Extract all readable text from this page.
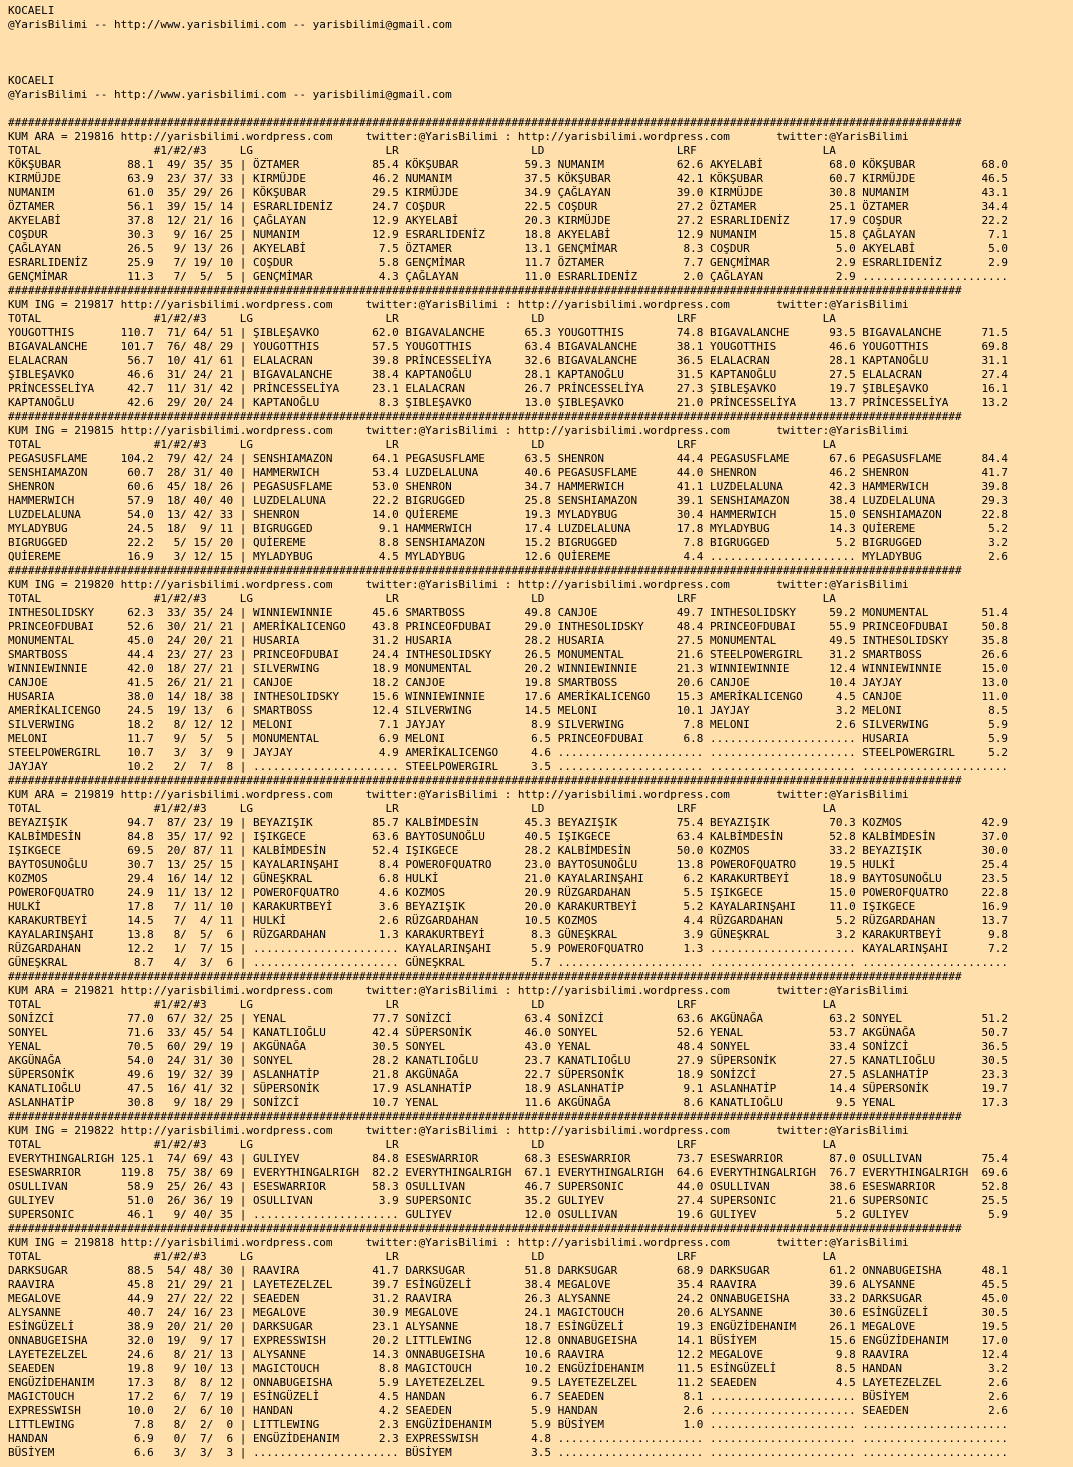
KOCAELI
@YarisBilimi -- http://www.yarisbilimi.com -- yarisbilimi@gmail.com

KOCAELI
@YarisBilimi -- http://www.yarisbilimi.com -- yarisbilimi@gmail.com

################################################################################################################################################
KUM ARA = 219816 http://yarisbilimi.wordpress.com     twitter:@YarisBilimi : http://yarisbilimi.wordpress.com       twitter:@YarisBilimi
TOTAL                 #1/#2/#3     LG                    LR                    LD                    LRF                   LA
KÖKŞUBAR          88.1  49/ 35/ 35 | ÖZTAMER           85.4 KÖKŞUBAR          59.3 NUMANIM           62.6 AKYELABİ          68.0 KÖKŞUBAR          68.0
KIRMÜJDE          63.9  23/ 37/ 33 | KIRMÜJDE          46.2 NUMANIM           37.5 KÖKŞUBAR          42.1 KÖKŞUBAR          60.7 KIRMÜJDE          46.5
NUMANIM           61.0  35/ 29/ 26 | KÖKŞUBAR          29.5 KIRMÜJDE          34.9 ÇAĞLAYAN          39.0 KIRMÜJDE          30.8 NUMANIM           43.1
ÖZTAMER           56.1  39/ 15/ 14 | ESRARLIDENİZ      24.7 COŞDUR            22.5 COŞDUR            27.2 ÖZTAMER           25.1 ÖZTAMER           34.4
AKYELABİ          37.8  12/ 21/ 16 | ÇAĞLAYAN          12.9 AKYELABİ          20.3 KIRMÜJDE          27.2 ESRARLIDENİZ      17.9 COŞDUR            22.2
COŞDUR            30.3   9/ 16/ 25 | NUMANIM           12.9 ESRARLIDENİZ      18.8 AKYELABİ          12.9 NUMANIM           15.8 ÇAĞLAYAN           7.1
ÇAĞLAYAN          26.5   9/ 13/ 26 | AKYELABİ           7.5 ÖZTAMER           13.1 GENÇMİMAR          8.3 COŞDUR             5.0 AKYELABİ           5.0
ESRARLIDENİZ      25.9   7/ 19/ 10 | COŞDUR             5.8 GENÇMİMAR         11.7 ÖZTAMER            7.7 GENÇMİMAR          2.9 ESRARLIDENİZ       2.9
GENÇMİMAR         11.3   7/  5/  5 | GENÇMİMAR          4.3 ÇAĞLAYAN          11.0 ESRARLIDENİZ       2.0 ÇAĞLAYAN           2.9 ......................
################################################################################################################################################
KUM ING = 219817 http://yarisbilimi.wordpress.com     twitter:@YarisBilimi : http://yarisbilimi.wordpress.com       twitter:@YarisBilimi
TOTAL                 #1/#2/#3     LG                    LR                    LD                    LRF                   LA
YOUGOTTHIS       110.7  71/ 64/ 51 | ŞIBLEŞAVKO        62.0 BIGAVALANCHE      65.3 YOUGOTTHIS        74.8 BIGAVALANCHE      93.5 BIGAVALANCHE      71.5
BIGAVALANCHE     101.7  76/ 48/ 29 | YOUGOTTHIS        57.5 YOUGOTTHIS        63.4 BIGAVALANCHE      38.1 YOUGOTTHIS        46.6 YOUGOTTHIS        69.8
ELALACRAN         56.7  10/ 41/ 61 | ELALACRAN         39.8 PRİNCESSELİYA     32.6 BIGAVALANCHE      36.5 ELALACRAN         28.1 KAPTANOĞLU        31.1
ŞIBLEŞAVKO        46.6  31/ 24/ 21 | BIGAVALANCHE      38.4 KAPTANOĞLU        28.1 KAPTANOĞLU        31.5 KAPTANOĞLU        27.5 ELALACRAN         27.4
PRİNCESSELİYA     42.7  11/ 31/ 42 | PRİNCESSELİYA     23.1 ELALACRAN         26.7 PRİNCESSELİYA     27.3 ŞIBLEŞAVKO        19.7 ŞIBLEŞAVKO        16.1
KAPTANOĞLU        42.6  29/ 20/ 24 | KAPTANOĞLU         8.3 ŞIBLEŞAVKO        13.0 ŞIBLEŞAVKO        21.0 PRİNCESSELİYA     13.7 PRİNCESSELİYA     13.2
################################################################################################################################################
KUM ING = 219815 http://yarisbilimi.wordpress.com     twitter:@YarisBilimi : http://yarisbilimi.wordpress.com       twitter:@YarisBilimi
TOTAL                 #1/#2/#3     LG                    LR                    LD                    LRF                   LA
PEGASUSFLAME     104.2  79/ 42/ 24 | SENSHIAMAZON      64.1 PEGASUSFLAME      63.5 SHENRON           44.4 PEGASUSFLAME      67.6 PEGASUSFLAME      84.4
SENSHIAMAZON      60.7  28/ 31/ 40 | HAMMERWICH        53.4 LUZDELALUNA       40.6 PEGASUSFLAME      44.0 SHENRON           46.2 SHENRON           41.7
SHENRON           60.6  45/ 18/ 26 | PEGASUSFLAME      53.0 SHENRON           34.7 HAMMERWICH        41.1 LUZDELALUNA       42.3 HAMMERWICH        39.8
HAMMERWICH        57.9  18/ 40/ 40 | LUZDELALUNA       22.2 BIGRUGGED         25.8 SENSHIAMAZON      39.1 SENSHIAMAZON      38.4 LUZDELALUNA       29.3
LUZDELALUNA       54.0  13/ 42/ 33 | SHENRON           14.0 QUİEREME          19.3 MYLADYBUG         30.4 HAMMERWICH        15.0 SENSHIAMAZON      22.8
MYLADYBUG         24.5  18/  9/ 11 | BIGRUGGED          9.1 HAMMERWICH        17.4 LUZDELALUNA       17.8 MYLADYBUG         14.3 QUİEREME           5.2
BIGRUGGED         22.2   5/ 15/ 20 | QUİEREME           8.8 SENSHIAMAZON      15.2 BIGRUGGED          7.8 BIGRUGGED          5.2 BIGRUGGED          3.2
QUİEREME          16.9   3/ 12/ 15 | MYLADYBUG          4.5 MYLADYBUG         12.6 QUİEREME           4.4 ...................... MYLADYBUG          2.6
################################################################################################################################################
KUM ING = 219820 http://yarisbilimi.wordpress.com     twitter:@YarisBilimi : http://yarisbilimi.wordpress.com       twitter:@YarisBilimi
TOTAL                 #1/#2/#3     LG                    LR                    LD                    LRF                   LA
INTHESOLIDSKY     62.3  33/ 35/ 24 | WINNIEWINNIE      45.6 SMARTBOSS         49.8 CANJOE            49.7 INTHESOLIDSKY     59.2 MONUMENTAL        51.4
PRINCEOFDUBAI     52.6  30/ 21/ 21 | AMERİKALICENGO    43.8 PRINCEOFDUBAI     29.0 INTHESOLIDSKY     48.4 PRINCEOFDUBAI     55.9 PRINCEOFDUBAI     50.8
MONUMENTAL        45.0  24/ 20/ 21 | HUSARIA           31.2 HUSARIA           28.2 HUSARIA           27.5 MONUMENTAL        49.5 INTHESOLIDSKY     35.8
SMARTBOSS         44.4  23/ 27/ 23 | PRINCEOFDUBAI     24.4 INTHESOLIDSKY     26.5 MONUMENTAL        21.6 STEELPOWERGIRL    31.2 SMARTBOSS         26.6
WINNIEWINNIE      42.0  18/ 27/ 21 | SILVERWING        18.9 MONUMENTAL        20.2 WINNIEWINNIE      21.3 WINNIEWINNIE      12.4 WINNIEWINNIE      15.0
CANJOE            41.5  26/ 21/ 21 | CANJOE            18.2 CANJOE            19.8 SMARTBOSS         20.6 CANJOE            10.4 JAYJAY            13.0
HUSARIA           38.0  14/ 18/ 38 | INTHESOLIDSKY     15.6 WINNIEWINNIE      17.6 AMERİKALICENGO    15.3 AMERİKALICENGO     4.5 CANJOE            11.0
AMERİKALICENGO    24.5  19/ 13/  6 | SMARTBOSS         12.4 SILVERWING        14.5 MELONI            10.1 JAYJAY             3.2 MELONI             8.5
SILVERWING        18.2   8/ 12/ 12 | MELONI             7.1 JAYJAY             8.9 SILVERWING         7.8 MELONI             2.6 SILVERWING         5.9
MELONI            11.7   9/  5/  5 | MONUMENTAL         6.9 MELONI             6.5 PRINCEOFDUBAI      6.8 ...................... HUSARIA            5.9
STEELPOWERGIRL    10.7   3/  3/  9 | JAYJAY             4.9 AMERİKALICENGO     4.6 ...................... ...................... STEELPOWERGIRL     5.2
JAYJAY            10.2   2/  7/  8 | ...................... STEELPOWERGIRL     3.5 ...................... ...................... ......................
################################################################################################################################################
KUM ARA = 219819 http://yarisbilimi.wordpress.com     twitter:@YarisBilimi : http://yarisbilimi.wordpress.com       twitter:@YarisBilimi
TOTAL                 #1/#2/#3     LG                    LR                    LD                    LRF                   LA
BEYAZIŞIK         94.7  87/ 23/ 19 | BEYAZIŞIK         85.7 KALBİMDESİN       45.3 BEYAZIŞIK         75.4 BEYAZIŞIK         70.3 KOZMOS            42.9
KALBİMDESİN       84.8  35/ 17/ 92 | IŞIKGECE          63.6 BAYTOSUNOĞLU      40.5 IŞIKGECE          63.4 KALBİMDESİN       52.8 KALBİMDESİN       37.0
IŞIKGECE          69.5  20/ 87/ 11 | KALBİMDESİN       52.4 IŞIKGECE          28.2 KALBİMDESİN       50.0 KOZMOS            33.2 BEYAZIŞIK         30.0
BAYTOSUNOĞLU      30.7  13/ 25/ 15 | KAYALARINŞAHI      8.4 POWEROFQUATRO     23.0 BAYTOSUNOĞLU      13.8 POWEROFQUATRO     19.5 HULKİ             25.4
KOZMOS            29.4  16/ 14/ 12 | GÜNEŞKRAL          6.8 HULKİ             21.0 KAYALARINŞAHI      6.2 KARAKURTBEYİ      18.9 BAYTOSUNOĞLU      23.5
POWEROFQUATRO     24.9  11/ 13/ 12 | POWEROFQUATRO      4.6 KOZMOS            20.9 RÜZGARDAHAN        5.5 IŞIKGECE          15.0 POWEROFQUATRO     22.8
HULKİ             17.8   7/ 11/ 10 | KARAKURTBEYİ       3.6 BEYAZIŞIK         20.0 KARAKURTBEYİ       5.2 KAYALARINŞAHI     11.0 IŞIKGECE          16.9
KARAKURTBEYİ      14.5   7/  4/ 11 | HULKİ              2.6 RÜZGARDAHAN       10.5 KOZMOS             4.4 RÜZGARDAHAN        5.2 RÜZGARDAHAN       13.7
KAYALARINŞAHI     13.8   8/  5/  6 | RÜZGARDAHAN        1.3 KARAKURTBEYİ       8.3 GÜNEŞKRAL          3.9 GÜNEŞKRAL          3.2 KARAKURTBEYİ       9.8
RÜZGARDAHAN       12.2   1/  7/ 15 | ...................... KAYALARINŞAHI      5.9 POWEROFQUATRO      1.3 ...................... KAYALARINŞAHI      7.2
GÜNEŞKRAL          8.7   4/  3/  6 | ...................... GÜNEŞKRAL          5.7 ...................... ...................... ......................
################################################################################################################################################
KUM ARA = 219821 http://yarisbilimi.wordpress.com     twitter:@YarisBilimi : http://yarisbilimi.wordpress.com       twitter:@YarisBilimi
TOTAL                 #1/#2/#3     LG                    LR                    LD                    LRF                   LA
SONİZCİ           77.0  67/ 32/ 25 | YENAL             77.7 SONİZCİ           63.4 SONİZCİ           63.6 AKGÜNAĞA          63.2 SONYEL            51.2
SONYEL            71.6  33/ 45/ 54 | KANATLIOĞLU       42.4 SÜPERSONİK        46.0 SONYEL            52.6 YENAL             53.7 AKGÜNAĞA          50.7
YENAL             70.5  60/ 29/ 19 | AKGÜNAĞA          30.5 SONYEL            43.0 YENAL             48.4 SONYEL            33.4 SONİZCİ           36.5
AKGÜNAĞA          54.0  24/ 31/ 30 | SONYEL            28.2 KANATLIOĞLU       23.7 KANATLIOĞLU       27.9 SÜPERSONİK        27.5 KANATLIOĞLU       30.5
SÜPERSONİK        49.6  19/ 32/ 39 | ASLANHATİP        21.8 AKGÜNAĞA          22.7 SÜPERSONİK        18.9 SONİZCİ           27.5 ASLANHATİP        23.3
KANATLIOĞLU       47.5  16/ 41/ 32 | SÜPERSONİK        17.9 ASLANHATİP        18.9 ASLANHATİP         9.1 ASLANHATİP        14.4 SÜPERSONİK        19.7
ASLANHATİP        30.8   9/ 18/ 29 | SONİZCİ           10.7 YENAL             11.6 AKGÜNAĞA           8.6 KANATLIOĞLU        9.5 YENAL             17.3
################################################################################################################################################
KUM ING = 219822 http://yarisbilimi.wordpress.com     twitter:@YarisBilimi : http://yarisbilimi.wordpress.com       twitter:@YarisBilimi
TOTAL                 #1/#2/#3     LG                    LR                    LD                    LRF                   LA
EVERYTHINGALRIGH 125.1  74/ 69/ 43 | GULIYEV           84.8 ESESWARRIOR       68.3 ESESWARRIOR       73.7 ESESWARRIOR       87.0 OSULLIVAN         75.4
ESESWARRIOR      119.8  75/ 38/ 69 | EVERYTHINGALRIGH  82.2 EVERYTHINGALRIGH  67.1 EVERYTHINGALRIGH  64.6 EVERYTHINGALRIGH  76.7 EVERYTHINGALRIGH  69.6
OSULLIVAN         58.9  25/ 26/ 43 | ESESWARRIOR       58.3 OSULLIVAN         46.7 SUPERSONIC        44.0 OSULLIVAN         38.6 ESESWARRIOR       52.8
GULIYEV           51.0  26/ 36/ 19 | OSULLIVAN          3.9 SUPERSONIC        35.2 GULIYEV           27.4 SUPERSONIC        21.6 SUPERSONIC        25.5
SUPERSONIC        46.1   9/ 40/ 35 | ...................... GULIYEV           12.0 OSULLIVAN         19.6 GULIYEV            5.2 GULIYEV            5.9
################################################################################################################################################
KUM ING = 219818 http://yarisbilimi.wordpress.com     twitter:@YarisBilimi : http://yarisbilimi.wordpress.com       twitter:@YarisBilimi
TOTAL                 #1/#2/#3     LG                    LR                    LD                    LRF                   LA
DARKSUGAR         88.5  54/ 48/ 30 | RAAVIRA           41.7 DARKSUGAR         51.8 DARKSUGAR         68.9 DARKSUGAR         61.2 ONNABUGEISHA      48.1
RAAVIRA           45.8  21/ 29/ 21 | LAYETEZELZEL      39.7 ESİNGÜZELİ        38.4 MEGALOVE          35.4 RAAVIRA           39.6 ALYSANNE          45.5
MEGALOVE          44.9  27/ 22/ 22 | SEAEDEN           31.2 RAAVIRA           26.3 ALYSANNE          24.2 ONNABUGEISHA      33.2 DARKSUGAR         45.0
ALYSANNE          40.7  24/ 16/ 23 | MEGALOVE          30.9 MEGALOVE          24.1 MAGICTOUCH        20.6 ALYSANNE          30.6 ESİNGÜZELİ        30.5
ESİNGÜZELİ        38.9  20/ 21/ 20 | DARKSUGAR         23.1 ALYSANNE          18.7 ESİNGÜZELİ        19.3 ENGÜZİDEHANIM     26.1 MEGALOVE          19.5
ONNABUGEISHA      32.0  19/  9/ 17 | EXPRESSWISH       20.2 LITTLEWING        12.8 ONNABUGEISHA      14.1 BÜSİYEM           15.6 ENGÜZİDEHANIM     17.0
LAYETEZELZEL      24.6   8/ 21/ 13 | ALYSANNE          14.3 ONNABUGEISHA      10.6 RAAVIRA           12.2 MEGALOVE           9.8 RAAVIRA           12.4
SEAEDEN           19.8   9/ 10/ 13 | MAGICTOUCH         8.8 MAGICTOUCH        10.2 ENGÜZİDEHANIM     11.5 ESİNGÜZELİ         8.5 HANDAN             3.2
ENGÜZİDEHANIM     17.3   8/  8/ 12 | ONNABUGEISHA       5.9 LAYETEZELZEL       9.5 LAYETEZELZEL      11.2 SEAEDEN            4.5 LAYETEZELZEL       2.6
MAGICTOUCH        17.2   6/  7/ 19 | ESİNGÜZELİ         4.5 HANDAN             6.7 SEAEDEN            8.1 ...................... BÜSİYEM            2.6
EXPRESSWISH       10.0   2/  6/ 10 | HANDAN             4.2 SEAEDEN            5.9 HANDAN             2.6 ...................... SEAEDEN            2.6
LITTLEWING         7.8   8/  2/  0 | LITTLEWING         2.3 ENGÜZİDEHANIM      5.9 BÜSİYEM            1.0 ...................... ......................
HANDAN             6.9   0/  7/  6 | ENGÜZİDEHANIM      2.3 EXPRESSWISH        4.8 ...................... ...................... ......................
BÜSİYEM            6.6   3/  3/  3 | ...................... BÜSİYEM            3.5 ...................... ...................... ......................
